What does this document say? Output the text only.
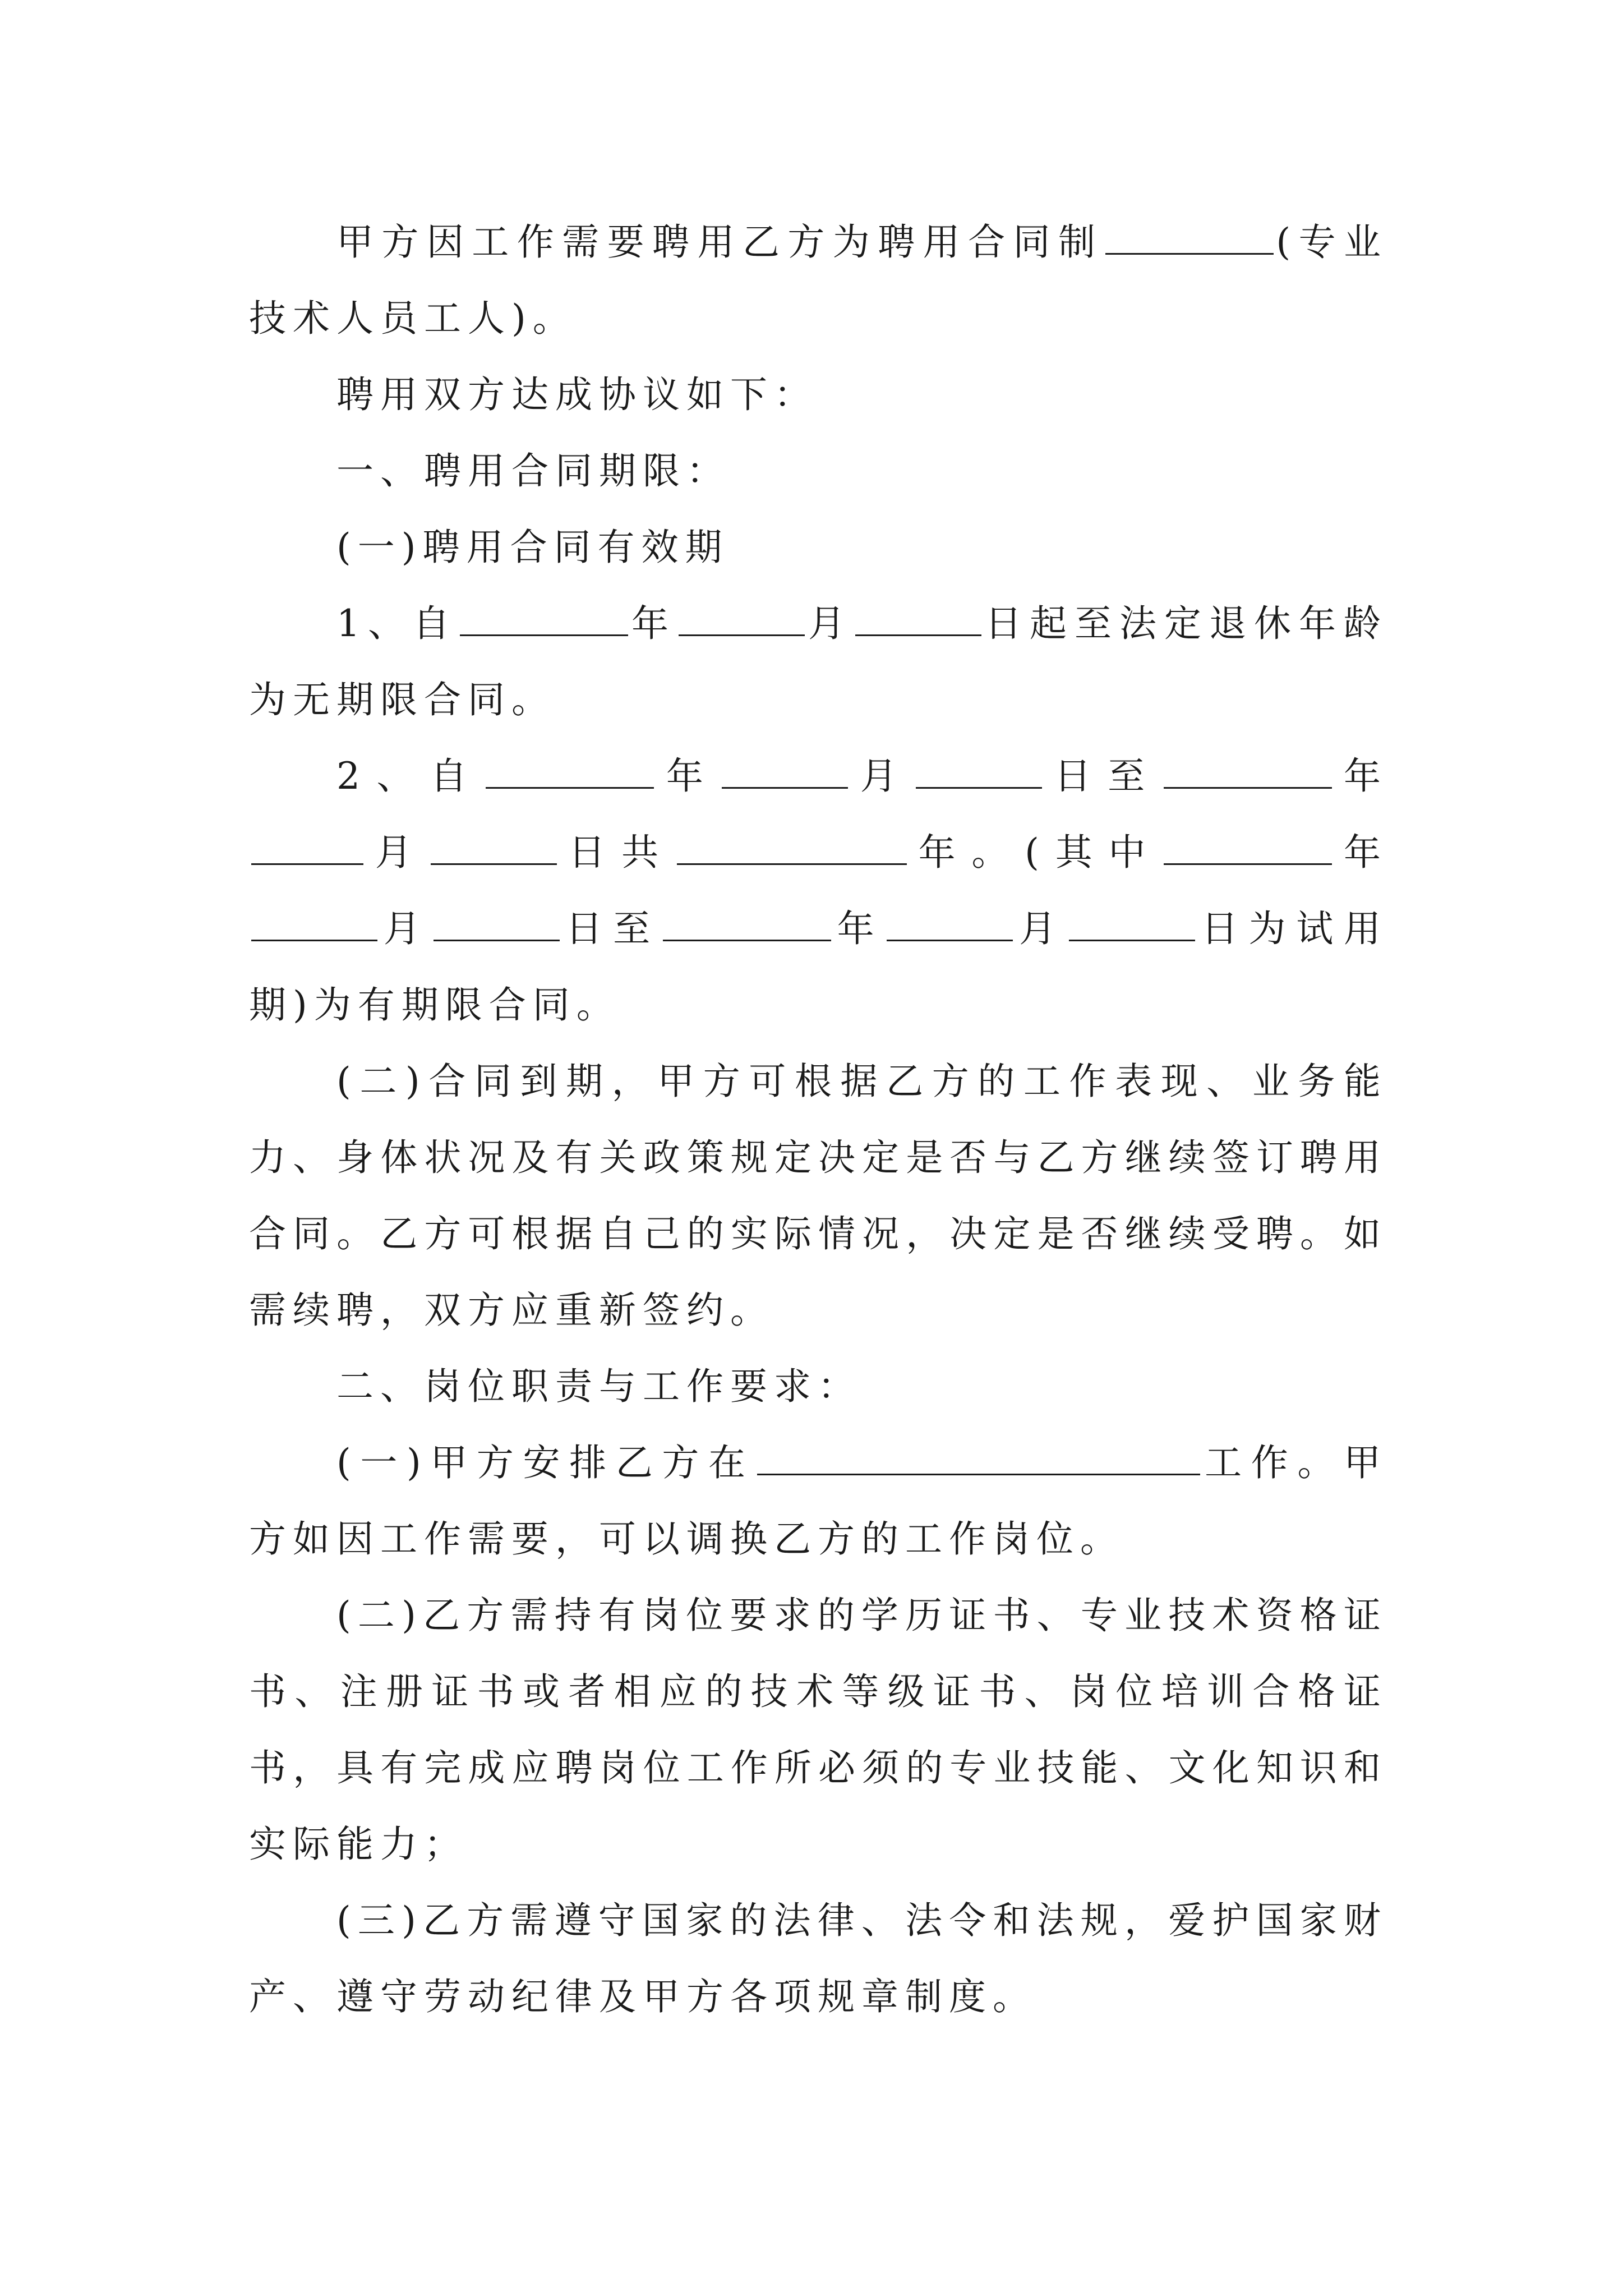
甲方因工作需要聘用乙方为聘用合同制	(专业技术人员工人)。

聘用双方达成协议如下：

一、聘用合同期限：

(一)聘用合同有效期

1、自	年	月	日起至法定退休年龄为无期限合同。

2、自	年	月	日至	年月	日共	年。(其中	年月	日至	年	月	日为试用期)为有期限合同。

(二)合同到期，甲方可根据乙方的工作表现、业务能力、身体状况及有关政策规定决定是否与乙方继续签订聘用合同。乙方可根据自己的实际情况，决定是否继续受聘。如需续聘，双方应重新签约。

二、岗位职责与工作要求：

(一)甲方安排乙方在	工作。甲方如因工作需要，可以调换乙方的工作岗位。

(二)乙方需持有岗位要求的学历证书、专业技术资格证书、注册证书或者相应的技术等级证书、岗位培训合格证书，具有完成应聘岗位工作所必须的专业技能、文化知识和实际能力；

(三)乙方需遵守国家的法律、法令和法规，爱护国家财产、遵守劳动纪律及甲方各项规章制度。
